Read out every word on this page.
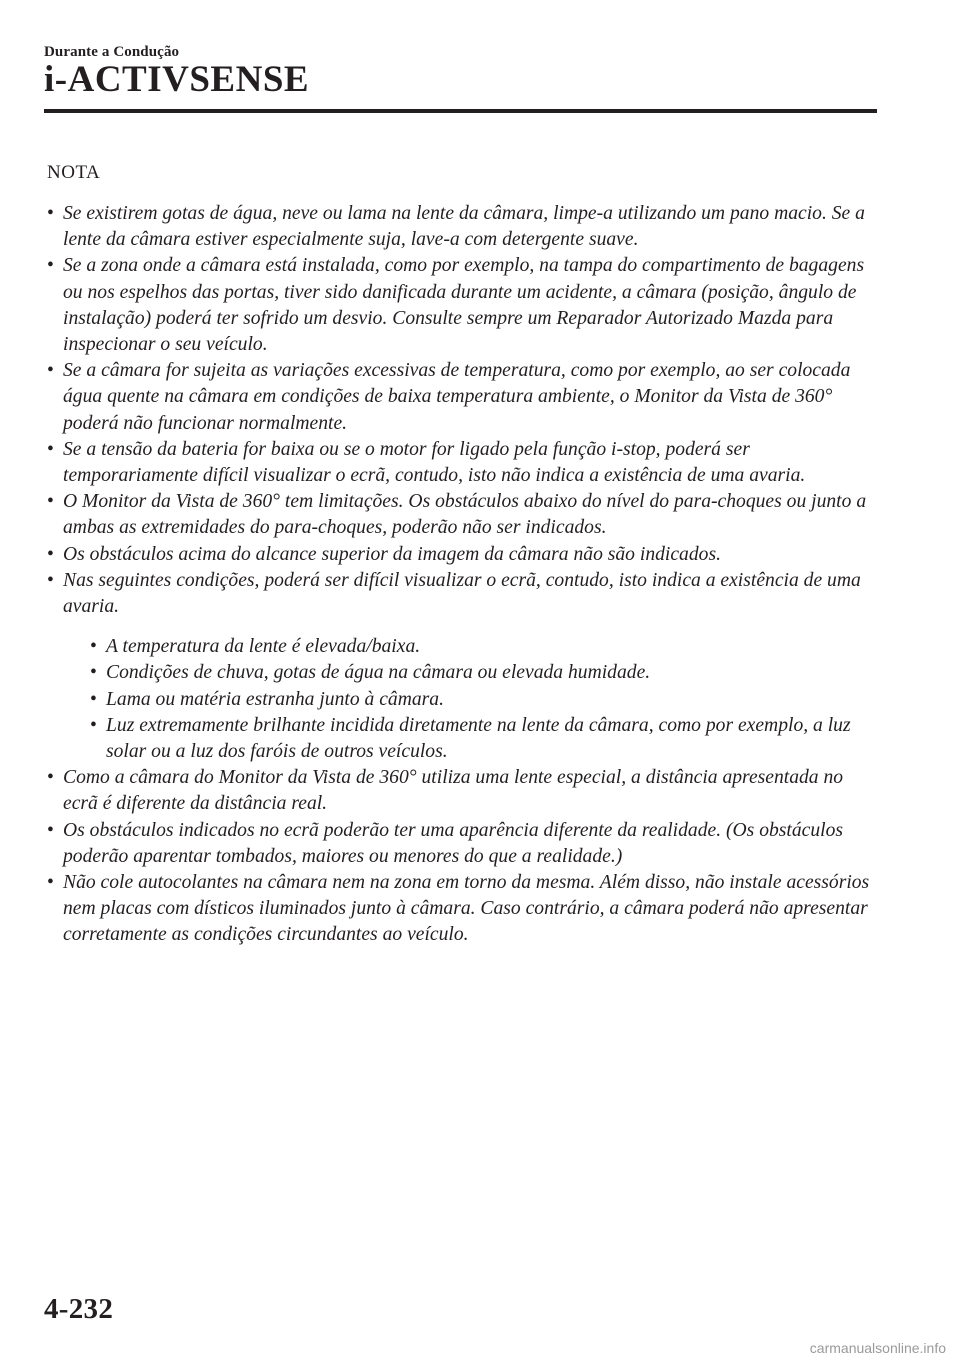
Durante a Condução
i-ACTIVSENSE
NOTA
• Se existirem gotas de água, neve ou lama na lente da câmara, limpe-a utilizando um pano macio. Se a lente da câmara estiver especialmente suja, lave-a com detergente suave.
• Se a zona onde a câmara está instalada, como por exemplo, na tampa do compartimento de bagagens ou nos espelhos das portas, tiver sido danificada durante um acidente, a câmara (posição, ângulo de instalação) poderá ter sofrido um desvio. Consulte sempre um Reparador Autorizado Mazda para inspecionar o seu veículo.
• Se a câmara for sujeita as variações excessivas de temperatura, como por exemplo, ao ser colocada água quente na câmara em condições de baixa temperatura ambiente, o Monitor da Vista de 360° poderá não funcionar normalmente.
• Se a tensão da bateria for baixa ou se o motor for ligado pela função i-stop, poderá ser temporariamente difícil visualizar o ecrã, contudo, isto não indica a existência de uma avaria.
• O Monitor da Vista de 360° tem limitações. Os obstáculos abaixo do nível do para-choques ou junto a ambas as extremidades do para-choques, poderão não ser indicados.
• Os obstáculos acima do alcance superior da imagem da câmara não são indicados.
• Nas seguintes condições, poderá ser difícil visualizar o ecrã, contudo, isto indica a existência de uma avaria.
• A temperatura da lente é elevada/baixa.
• Condições de chuva, gotas de água na câmara ou elevada humidade.
• Lama ou matéria estranha junto à câmara.
• Luz extremamente brilhante incidida diretamente na lente da câmara, como por exemplo, a luz solar ou a luz dos faróis de outros veículos.
• Como a câmara do Monitor da Vista de 360° utiliza uma lente especial, a distância apresentada no ecrã é diferente da distância real.
• Os obstáculos indicados no ecrã poderão ter uma aparência diferente da realidade. (Os obstáculos poderão aparentar tombados, maiores ou menores do que a realidade.)
• Não cole autocolantes na câmara nem na zona em torno da mesma. Além disso, não instale acessórios nem placas com dísticos iluminados junto à câmara. Caso contrário, a câmara poderá não apresentar corretamente as condições circundantes ao veículo.
4-232
carmanualsonline.info
